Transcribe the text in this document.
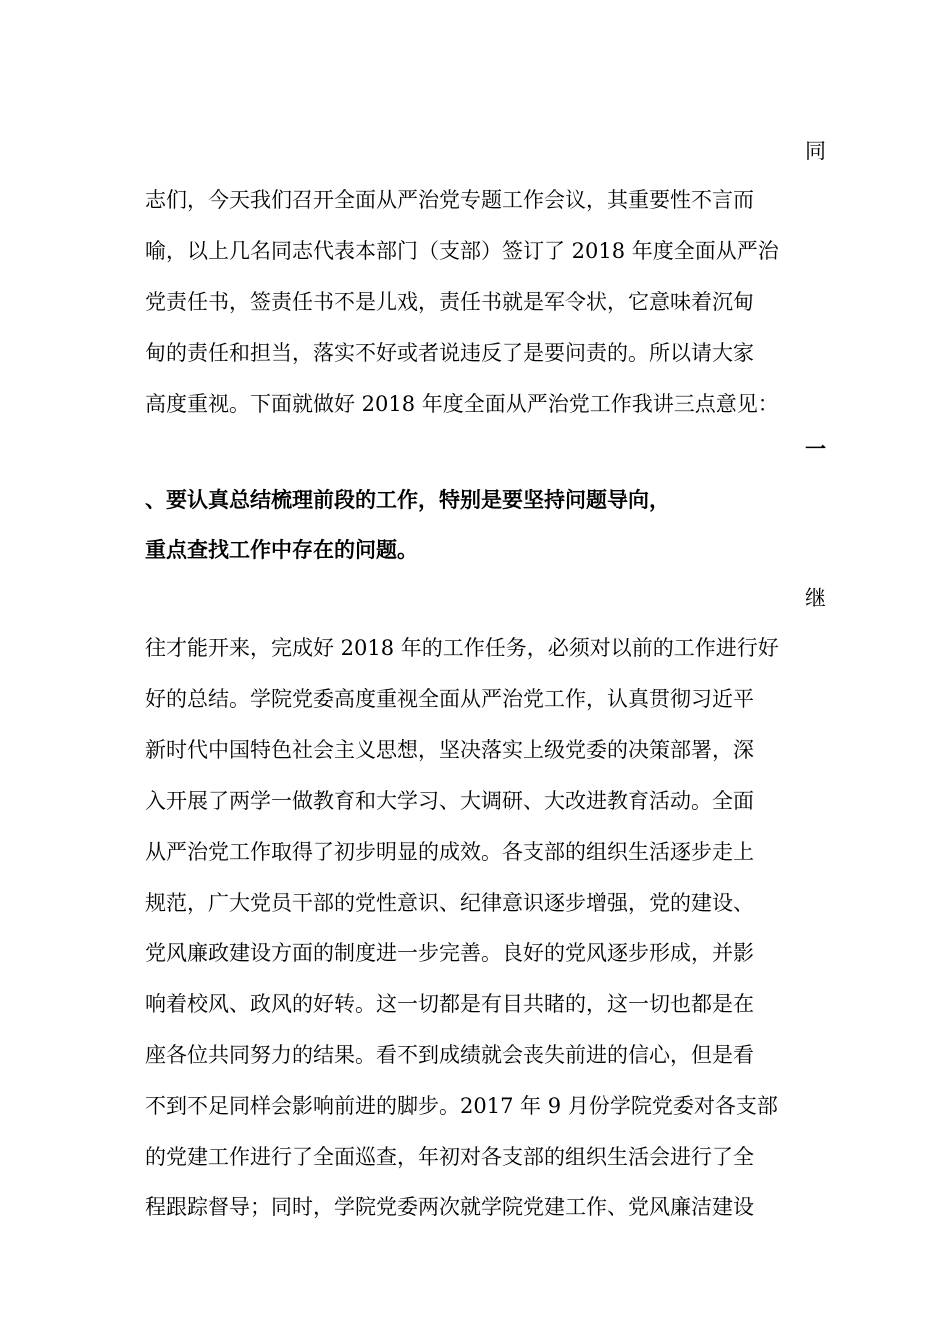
同
志们，今天我们召开全面从严治党专题工作会议，其重要性不言而
喻，以上几名同志代表本部门（支部）签订了 2018 年度全面从严治
党责任书，签责任书不是儿戏，责任书就是军令状，它意味着沉甸
甸的责任和担当，落实不好或者说违反了是要问责的。所以请大家
高度重视。下面就做好 2018 年度全面从严治党工作我讲三点意见：
一
、要认真总结梳理前段的工作，特别是要坚持问题导向，
重点查找工作中存在的问题。
继
往才能开来，完成好 2018 年的工作任务，必须对以前的工作进行好
好的总结。学院党委高度重视全面从严治党工作，认真贯彻习近平
新时代中国特色社会主义思想，坚决落实上级党委的决策部署，深
入开展了两学一做教育和大学习、大调研、大改进教育活动。全面
从严治党工作取得了初步明显的成效。各支部的组织生活逐步走上
规范，广大党员干部的党性意识、纪律意识逐步增强，党的建设、
党风廉政建设方面的制度进一步完善。良好的党风逐步形成，并影
响着校风、政风的好转。这一切都是有目共睹的，这一切也都是在
座各位共同努力的结果。看不到成绩就会丧失前进的信心，但是看
不到不足同样会影响前进的脚步。2017 年 9 月份学院党委对各支部
的党建工作进行了全面巡查，年初对各支部的组织生活会进行了全
程跟踪督导；同时，学院党委两次就学院党建工作、党风廉洁建设
